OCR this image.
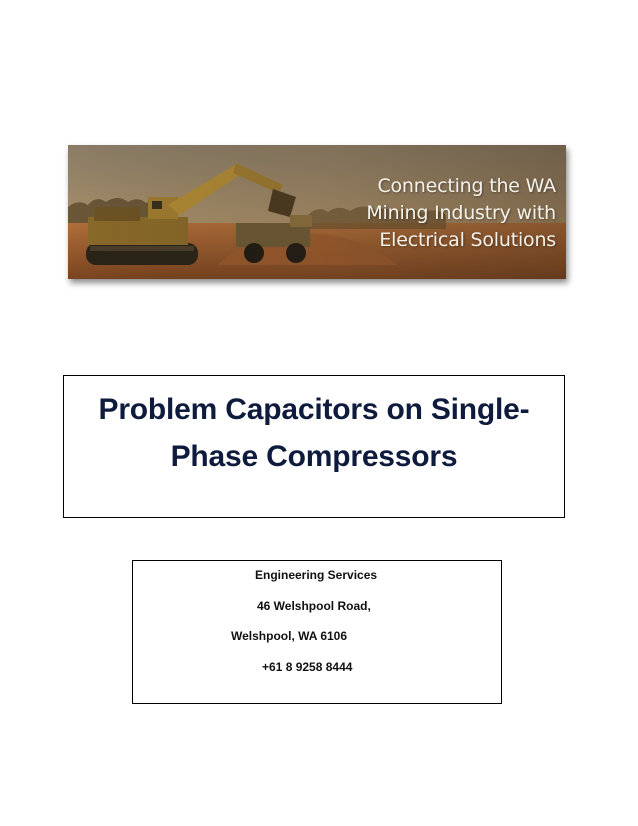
Connecting the WA
Mining Industry with
Electrical Solutions
Problem Capacitors on Single-
Phase Compressors
Engineering Services
46 Welshpool Road,
Welshpool, WA 6106
+61 8 9258 8444
